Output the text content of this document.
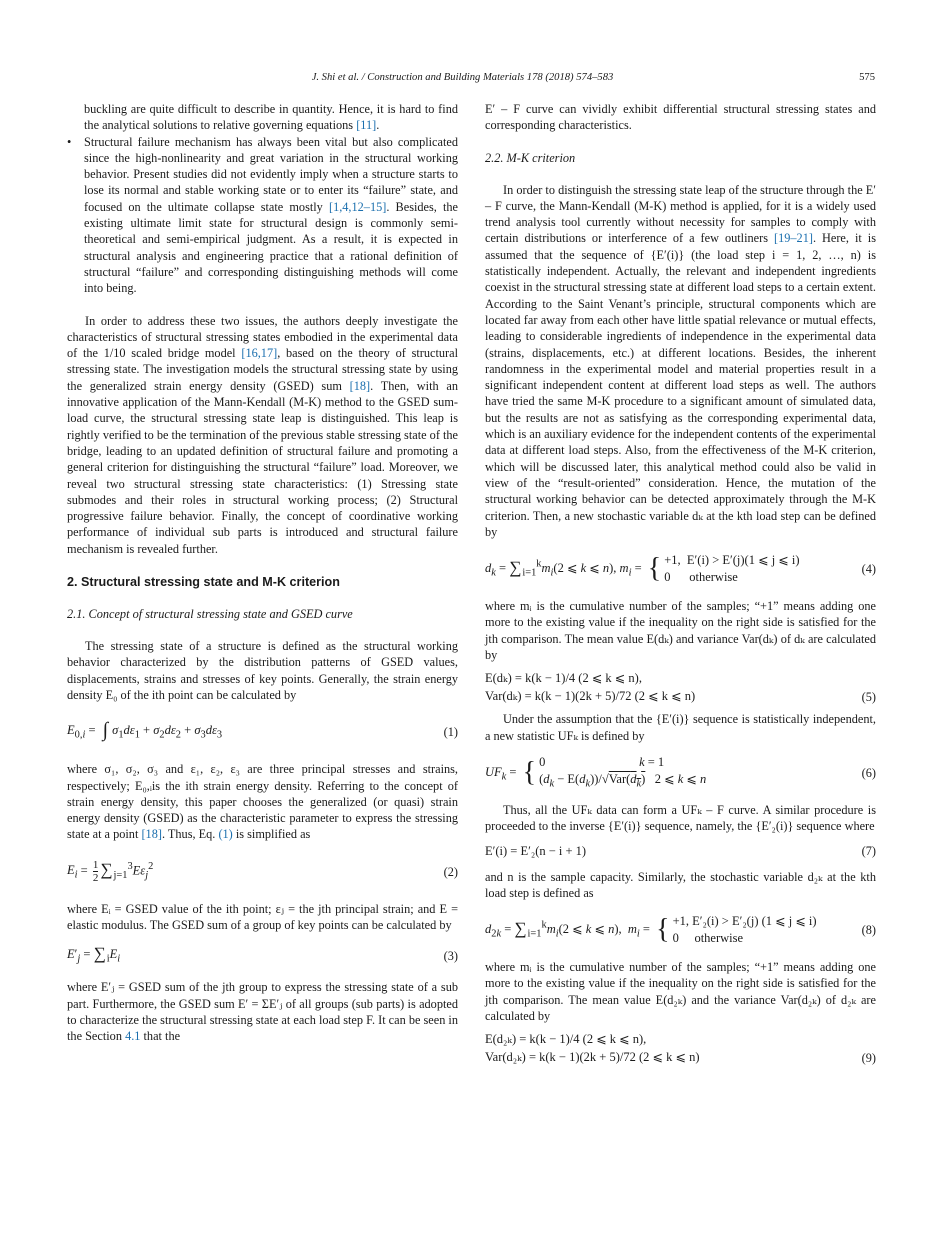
J. Shi et al. / Construction and Building Materials 178 (2018) 574–583	575

buckling are quite difficult to describe in quantity. Hence, it is hard to find the analytical solutions to relative governing equations [11].

• Structural failure mechanism has always been vital but also complicated since the high-nonlinearity and great variation in the structural working behavior. Present studies did not evidently imply when a structure starts to lose its normal and stable working state or to enter its “failure” state, and focused on the ultimate collapse state mostly [1,4,12–15]. Besides, the existing ultimate limit state for structural design is commonly semi-theoretical and semi-empirical judgment. As a result, it is expected in structural analysis and engineering practice that a rational definition of structural “failure” and corresponding distinguishing methods will come into being.

In order to address these two issues, the authors deeply investigate the characteristics of structural stressing states embodied in the experimental data of the 1/10 scaled bridge model [16,17], based on the theory of structural stressing state. The investigation models the structural stressing state by using the generalized strain energy density (GSED) sum [18]. Then, with an innovative application of the Mann-Kendall (M-K) method to the GSED sum-load curve, the structural stressing state leap is distinguished. This leap is rightly verified to be the termination of the previous stable stressing state of the bridge, leading to an updated definition of structural failure and promoting a general criterion for distinguishing the structural “failure” load. Moreover, we reveal two structural stressing state characteristics: (1) Stressing state submodes and their roles in structural working process; (2) Structural progressive failure behavior. Finally, the concept of coordinative working performance of individual sub parts is introduced and structural failure mechanism is revealed further.

2. Structural stressing state and M-K criterion
2.1. Concept of structural stressing state and GSED curve

The stressing state of a structure is defined as the structural working behavior characterized by the distribution patterns of GSED values, displacements, strains and stresses of key points. Generally, the strain energy density E₀ of the ith point can be calculated by

$E_{0,i}$ = ∫ $\sigma_1d\varepsilon_1 + \sigma_2d\varepsilon_2 + \sigma_3d\varepsilon_3$	(1)

where σ₁, σ₂, σ₃ and ε₁, ε₂, ε₃ are three principal stresses and strains, respectively; E₀,ᵢis the ith strain energy density. Referring to the concept of strain energy density, this paper chooses the generalized (or quasi) strain energy density (GSED) as the characteristic parameter to express the stressing state at a point [18]. Thus, Eq. (1) is simplified as

$E_i = \frac{1}{2} \sum_{j=1}^3E\varepsilon_j^2$	(2)

where Eᵢ = GSED value of the ith point; εⱼ = the jth principal strain; and E = elastic modulus. The GSED sum of a group of key points can be calculated by

$E'_j = \sum_iE_i$	(3)

where E′ⱼ = GSED sum of the jth group to express the stressing state of a sub part. Furthermore, the GSED sum E′ = ΣE′ⱼ of all groups (sub parts) is adopted to characterize the structural stressing state at each load step F. It can be seen in the Section 4.1 that the

E′ – F curve can vividly exhibit differential structural stressing states and corresponding characteristics.

2.2. M-K criterion

In order to distinguish the stressing state leap of the structure through the E′ – F curve, the Mann-Kendall (M-K) method is applied, for it is a widely used trend analysis tool currently without necessity for samples to comply with certain distributions or interference of a few outliners [19–21]. Here, it is assumed that the sequence of {E′(i)} (the load step i = 1, 2, …, n) is statistically independent. Actually, the relevant and independent ingredients coexist in the structural stressing state at different load steps to a certain extent. According to the Saint Venant’s principle, structural components which are located far away from each other have little spatial relevance or mutual effects, leading to considerable ingredients of independence in the experimental data (strains, displacements, etc.) at different locations. Besides, the inherent randomness in the experimental model and material properties result in a significant independent content at different load steps as well. The authors have tried the same M-K procedure to a significant amount of simulated data, but the results are not as satisfying as the corresponding experimental data, which is an auxiliary evidence for the independent contents of the experimental data at different load steps. Also, from the effectiveness of the M-K criterion, which will be discussed later, this analytical method could also be valid in view of the “result-oriented” consideration. Hence, the mutation of the structural working behavior can be detected approximately through the M-K criterion. Then, a new stochastic variable dₖ at the kth load step can be defined by

$d_k = \sum_{i=1}^km_i(2$ ⩽ k ⩽ n), $m_i$ = { +1,  E′(i) > E′(j)(1 ⩽ j ⩽ i)
0      otherwise
(4)

where mᵢ is the cumulative number of the samples; “+1” means adding one more to the existing value if the inequality on the right side is satisfied for the jth comparison. The mean value E(dₖ) and variance Var(dₖ) of dₖ are calculated by

E(dₖ) = k(k − 1)/4 (2 ⩽ k ⩽ n),
Var(dₖ) = k(k − 1)(2k + 5)/72 (2 ⩽ k ⩽ n)	(5)

Under the assumption that the {E′(i)} sequence is statistically independent, a new statistic UFₖ is defined by

$UF_k$ = { 0                              k = 1
$(d_k - E(d_k))/√Var(d_k)$   2 ⩽ k ⩽ n	(6)

Thus, all the UFₖ data can form a UFₖ – F curve. A similar procedure is proceeded to the inverse {E′(i)} sequence, namely, the {E′₂(i)} sequence where

E′(i) = E′₂(n − i + 1)	(7)

and n is the sample capacity. Similarly, the stochastic variable d₂ₖ at the kth load step is defined as

$d_{2k} = \sum_{i=1}^km_i(2$ ⩽ k ⩽ n),  $m_i$ = { +1, E′₂(i) > E′₂(j) (1 ⩽ j ⩽ i)
0     otherwise
(8)

where mᵢ is the cumulative number of the samples; “+1” means adding one more to the existing value if the inequality on the right side is satisfied for the jth comparison. The mean value E(d₂ₖ) and the variance Var(d₂ₖ) of d₂ₖ are calculated by

E(d₂ₖ) = k(k − 1)/4 (2 ⩽ k ⩽ n),
Var(d₂ₖ) = k(k − 1)(2k + 5)/72 (2 ⩽ k ⩽ n)	(9)
